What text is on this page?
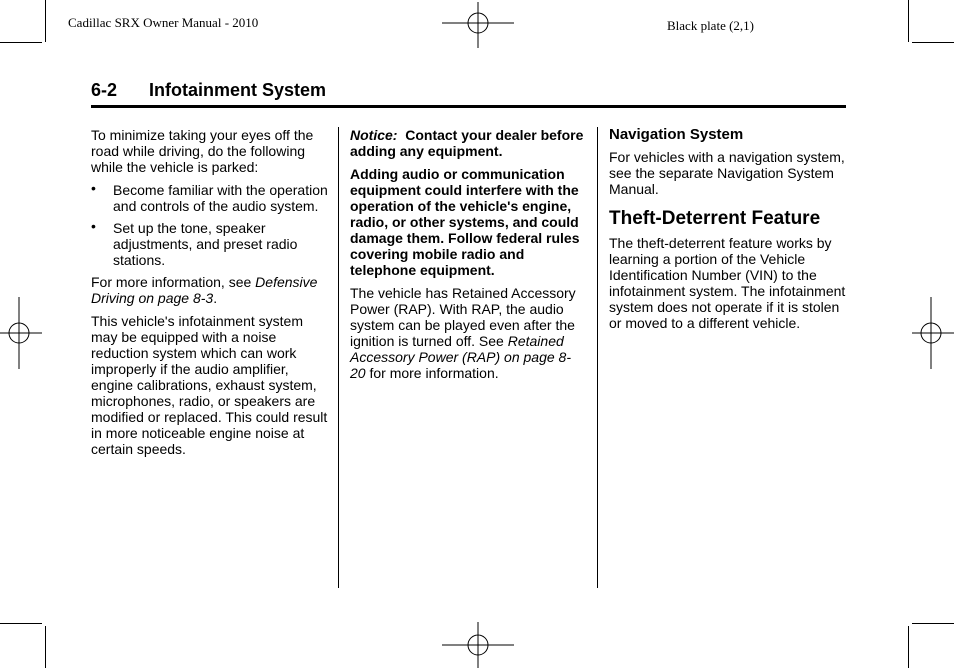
Cadillac SRX Owner Manual - 2010	Black plate (2,1)
6-2 Infotainment System

To minimize taking your eyes off the road while driving, do the following while the vehicle is parked:

• Become familiar with the operation and controls of the audio system.
• Set up the tone, speaker adjustments, and preset radio stations.

For more information, see Defensive Driving on page 8-3.

This vehicle's infotainment system may be equipped with a noise reduction system which can work improperly if the audio amplifier, engine calibrations, exhaust system, microphones, radio, or speakers are modified or replaced. This could result in more noticeable engine noise at certain speeds.

Notice:  Contact your dealer before adding any equipment.

Adding audio or communication equipment could interfere with the operation of the vehicle's engine, radio, or other systems, and could damage them. Follow federal rules covering mobile radio and telephone equipment.

The vehicle has Retained Accessory Power (RAP). With RAP, the audio system can be played even after the ignition is turned off. See Retained Accessory Power (RAP) on page 8-20 for more information.

Navigation System

For vehicles with a navigation system, see the separate Navigation System Manual.

Theft-Deterrent Feature

The theft-deterrent feature works by learning a portion of the Vehicle Identification Number (VIN) to the infotainment system. The infotainment system does not operate if it is stolen or moved to a different vehicle.
